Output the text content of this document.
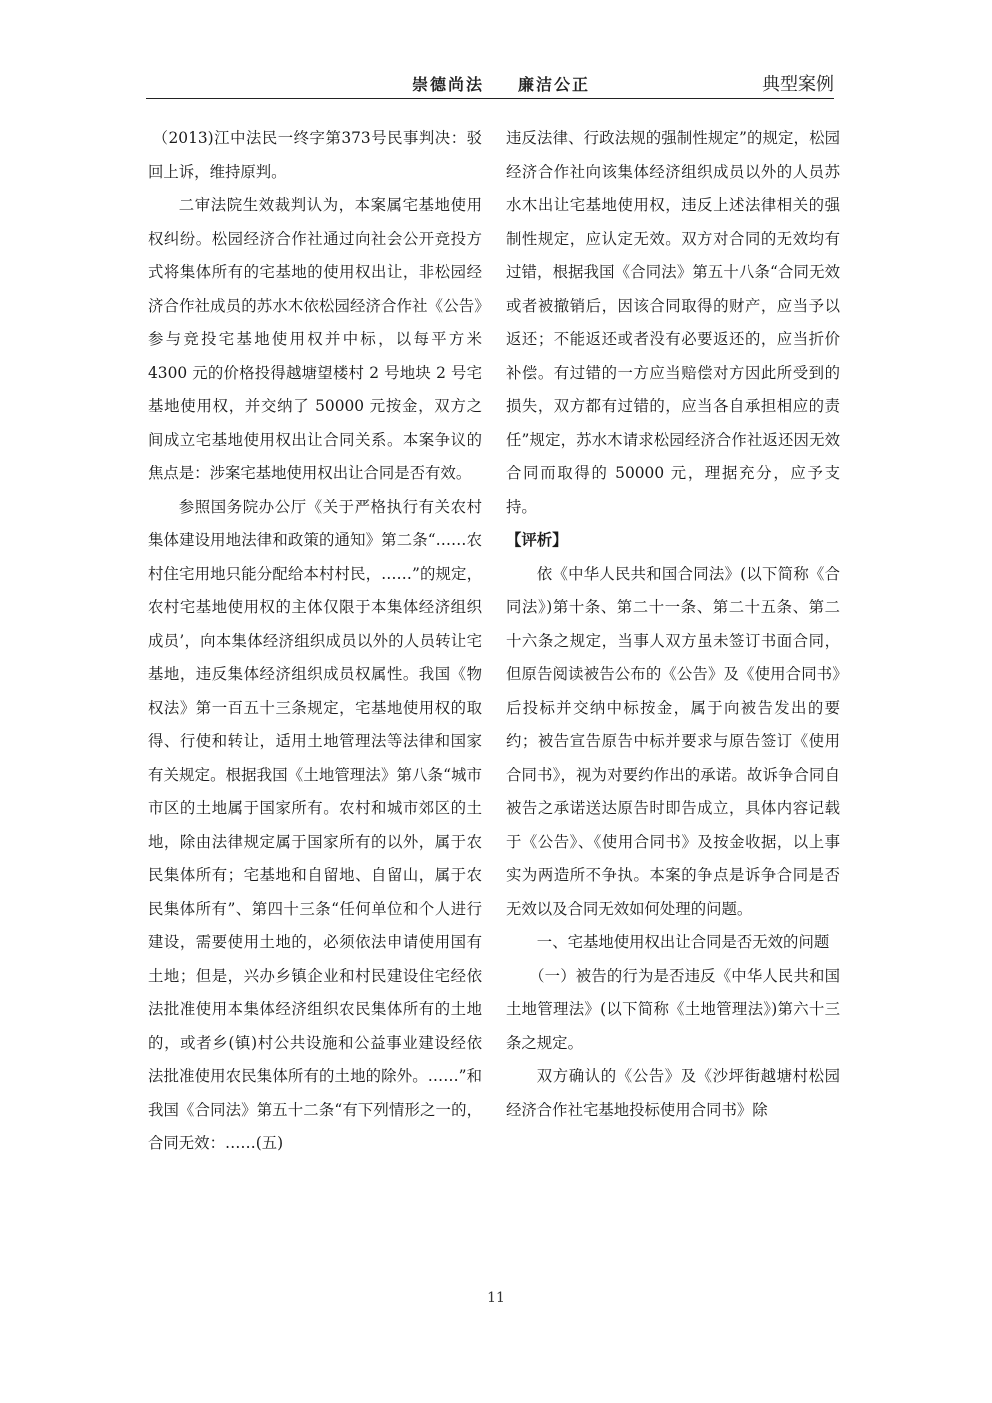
崇德尚法 廉洁公正	典型案例

（2013)江中法民一终字第373号民事判决：驳回上诉，维持原判。

二审法院生效裁判认为，本案属宅基地使用权纠纷。松园经济合作社通过向社会公开竞投方式将集体所有的宅基地的使用权出让，非松园经济合作社成员的苏水木依松园经济合作社《公告》参与竞投宅基地使用权并中标，以每平方米 4300 元的价格投得越塘望楼村 2 号地块 2 号宅基地使用权，并交纳了 50000 元按金，双方之间成立宅基地使用权出让合同关系。本案争议的焦点是：涉案宅基地使用权出让合同是否有效。

参照国务院办公厅《关于严格执行有关农村集体建设用地法律和政策的通知》第二条“……农村住宅用地只能分配给本村村民，……”的规定，农村宅基地使用权的主体仅限于本集体经济组织成员’，向本集体经济组织成员以外的人员转让宅基地，违反集体经济组织成员权属性。我国《物权法》第一百五十三条规定，宅基地使用权的取得、行使和转让，适用土地管理法等法律和国家有关规定。根据我国《土地管理法》第八条“城市市区的土地属于国家所有。农村和城市郊区的土地，除由法律规定属于国家所有的以外，属于农民集体所有；宅基地和自留地、自留山，属于农民集体所有”、第四十三条“任何单位和个人进行建设，需要使用土地的，必须依法申请使用国有土地；但是，兴办乡镇企业和村民建设住宅经依法批准使用本集体经济组织农民集体所有的土地的，或者乡(镇)村公共设施和公益事业建设经依法批准使用农民集体所有的土地的除外。……”和我国《合同法》第五十二条“有下列情形之一的，合同无效：……(五)

违反法律、行政法规的强制性规定”的规定，松园经济合作社向该集体经济组织成员以外的人员苏水木出让宅基地使用权，违反上述法律相关的强制性规定，应认定无效。双方对合同的无效均有过错，根据我国《合同法》第五十八条“合同无效或者被撤销后，因该合同取得的财产，应当予以返还；不能返还或者没有必要返还的，应当折价补偿。有过错的一方应当赔偿对方因此所受到的损失，双方都有过错的，应当各自承担相应的责任”规定，苏水木请求松园经济合作社返还因无效合同而取得的 50000 元，理据充分，应予支持。

【评析】

依《中华人民共和国合同法》(以下简称《合同法》)第十条、第二十一条、第二十五条、第二十六条之规定，当事人双方虽未签订书面合同，但原告阅读被告公布的《公告》及《使用合同书》后投标并交纳中标按金，属于向被告发出的要约；被告宣告原告中标并要求与原告签订《使用合同书》，视为对要约作出的承诺。故诉争合同自被告之承诺送达原告时即告成立，具体内容记载于《公告》、《使用合同书》及按金收据，以上事实为两造所不争执。本案的争点是诉争合同是否无效以及合同无效如何处理的问题。

一、宅基地使用权出让合同是否无效的问题

（一）被告的行为是否违反《中华人民共和国土地管理法》(以下简称《土地管理法》)第六十三条之规定。

双方确认的《公告》及《沙坪街越塘村松园经济合作社宅基地投标使用合同书》除

11
